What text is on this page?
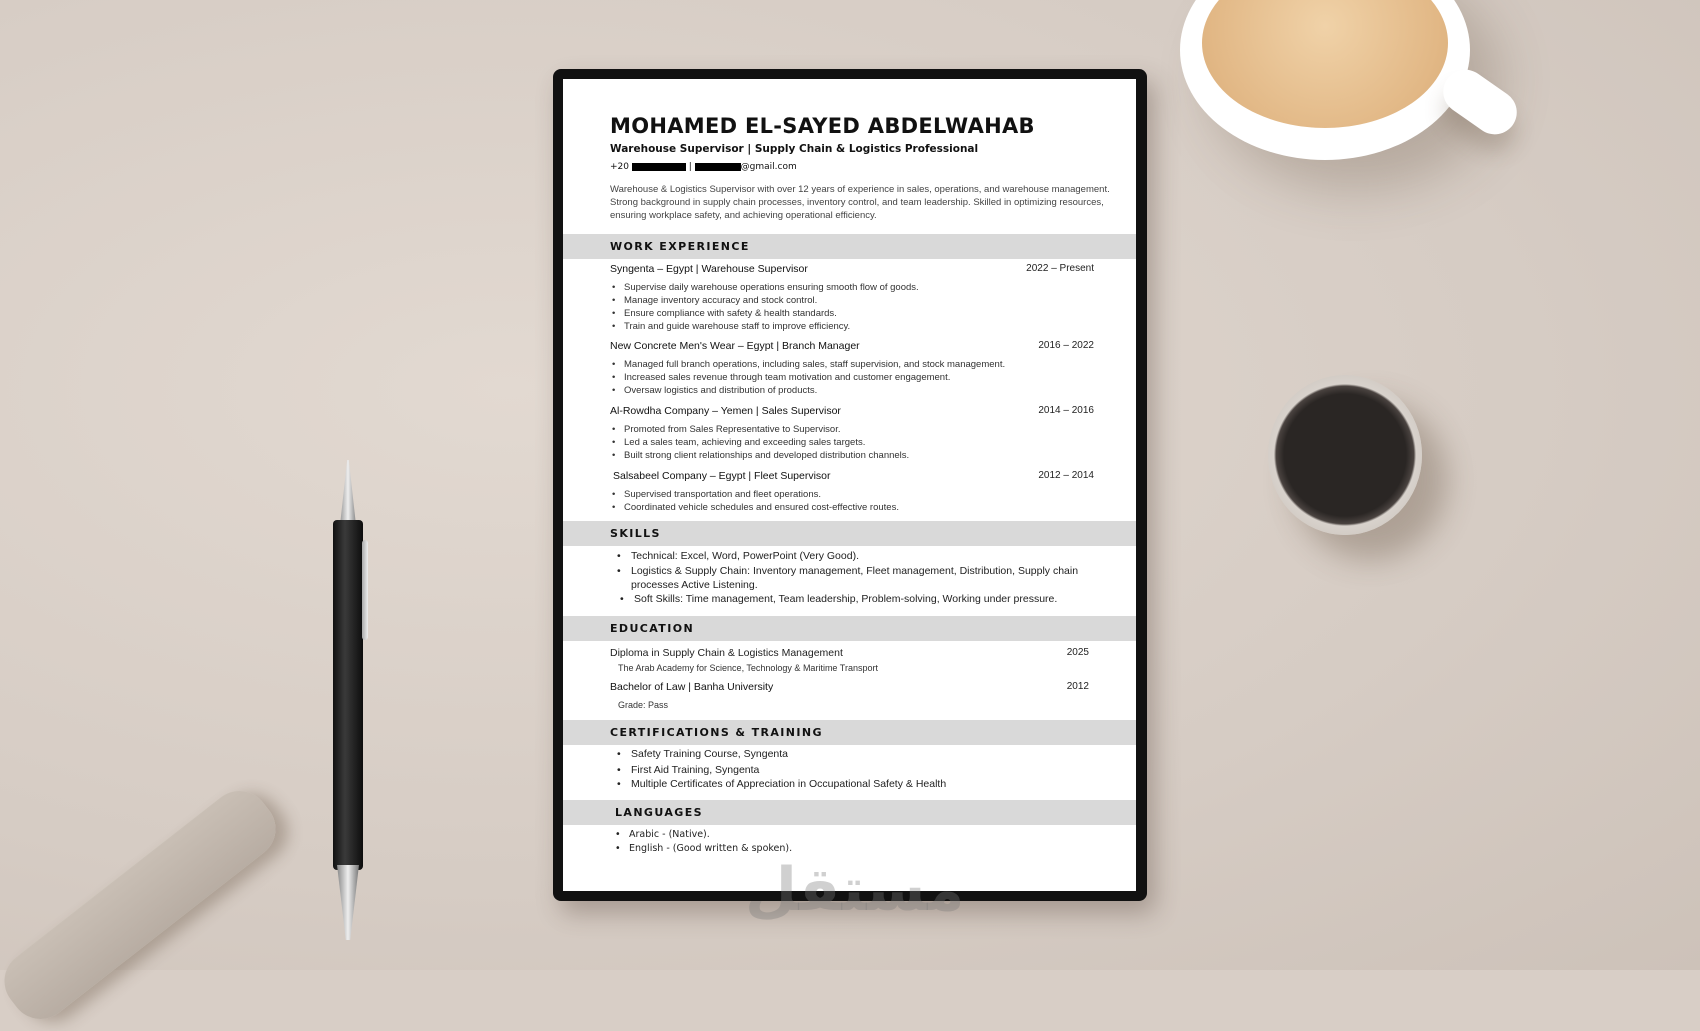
MOHAMED EL-SAYED ABDELWAHAB
Warehouse Supervisor | Supply Chain & Logistics Professional
+20	|	@gmail.com
Warehouse & Logistics Supervisor with over 12 years of experience in sales, operations, and warehouse management.
Strong background in supply chain processes, inventory control, and team leadership. Skilled in optimizing resources,
ensuring workplace safety, and achieving operational efficiency.
WORK EXPERIENCE
Syngenta – Egypt | Warehouse Supervisor	2022 – Present
• Supervise daily warehouse operations ensuring smooth flow of goods.
• Manage inventory accuracy and stock control.
• Ensure compliance with safety & health standards.
• Train and guide warehouse staff to improve efficiency.
New Concrete Men's Wear – Egypt | Branch Manager	2016 – 2022
• Managed full branch operations, including sales, staff supervision, and stock management.
• Increased sales revenue through team motivation and customer engagement.
• Oversaw logistics and distribution of products.
Al-Rowdha Company – Yemen | Sales Supervisor	2014 – 2016
• Promoted from Sales Representative to Supervisor.
• Led a sales team, achieving and exceeding sales targets.
• Built strong client relationships and developed distribution channels.
Salsabeel Company – Egypt | Fleet Supervisor	2012 – 2014
• Supervised transportation and fleet operations.
• Coordinated vehicle schedules and ensured cost-effective routes.
SKILLS
• Technical: Excel, Word, PowerPoint (Very Good).
• Logistics & Supply Chain: Inventory management, Fleet management, Distribution, Supply chain
processes Active Listening.
• Soft Skills: Time management, Team leadership, Problem-solving, Working under pressure.
EDUCATION
Diploma in Supply Chain & Logistics Management	2025
The Arab Academy for Science, Technology & Maritime Transport
Bachelor of Law | Banha University	2012
Grade: Pass
CERTIFICATIONS & TRAINING
• Safety Training Course, Syngenta
• First Aid Training, Syngenta
• Multiple Certificates of Appreciation in Occupational Safety & Health
LANGUAGES
• Arabic - (Native).
• English - (Good written & spoken).
مستقل
